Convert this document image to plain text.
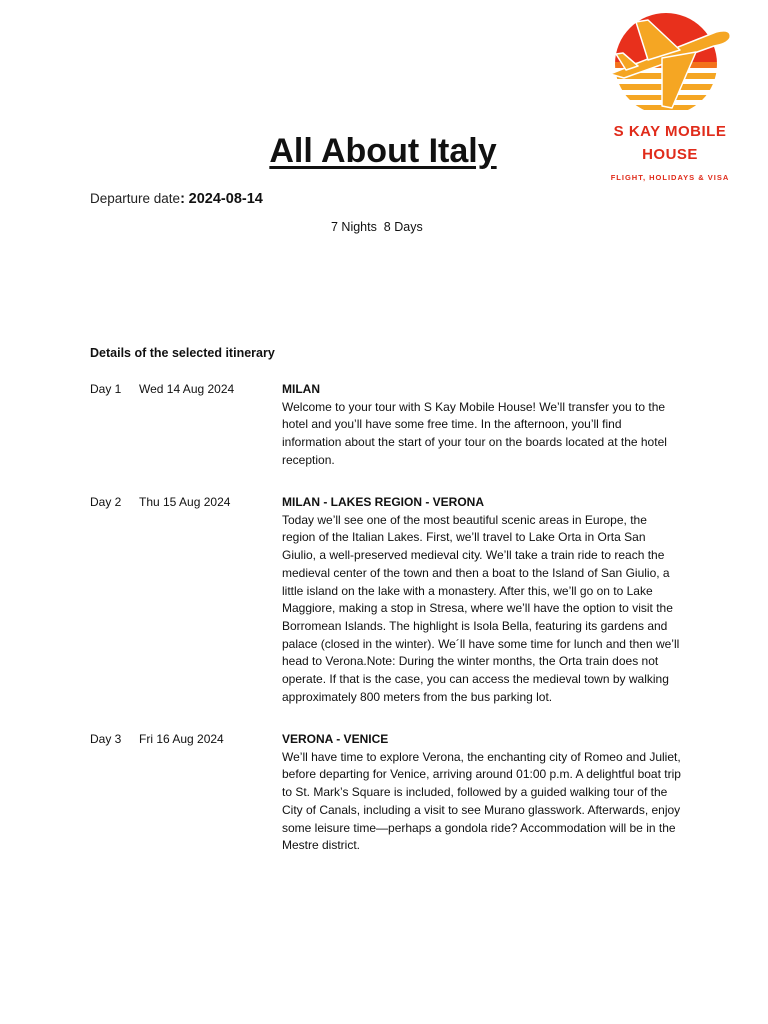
S KAY MOBILE
HOUSE
FLIGHT, HOLIDAYS & VISA
All About Italy
Departure date: 2024-08-14
7 Nights  8 Days
Details of the selected itinerary
Day 1 Wed 14 Aug 2024	MILAN
Welcome to your tour with S Kay Mobile House! We’ll transfer you to the hotel and you’ll have some free time. In the afternoon, you’ll find information about the start of your tour on the boards located at the hotel reception.
Day 2 Thu 15 Aug 2024	MILAN - LAKES REGION - VERONA
Today we’ll see one of the most beautiful scenic areas in Europe, the region of the Italian Lakes. First, we’ll travel to Lake Orta in Orta San Giulio, a well-preserved medieval city. We’ll take a train ride to reach the medieval center of the town and then a boat to the Island of San Giulio, a little island on the lake with a monastery. After this, we’ll go on to Lake Maggiore, making a stop in Stresa, where we’ll have the option to visit the Borromean Islands. The highlight is Isola Bella, featuring its gardens and palace (closed in the winter). We´ll have some time for lunch and then we’ll head to Verona.Note: During the winter months, the Orta train does not operate. If that is the case, you can access the medieval town by walking approximately 800 meters from the bus parking lot.
Day 3 Fri 16 Aug 2024	VERONA - VENICE
We’ll have time to explore Verona, the enchanting city of Romeo and Juliet, before departing for Venice, arriving around 01:00 p.m. A delightful boat trip to St. Mark’s Square is included, followed by a guided walking tour of the City of Canals, including a visit to see Murano glasswork. Afterwards, enjoy some leisure time—perhaps a gondola ride? Accommodation will be in the Mestre district.
